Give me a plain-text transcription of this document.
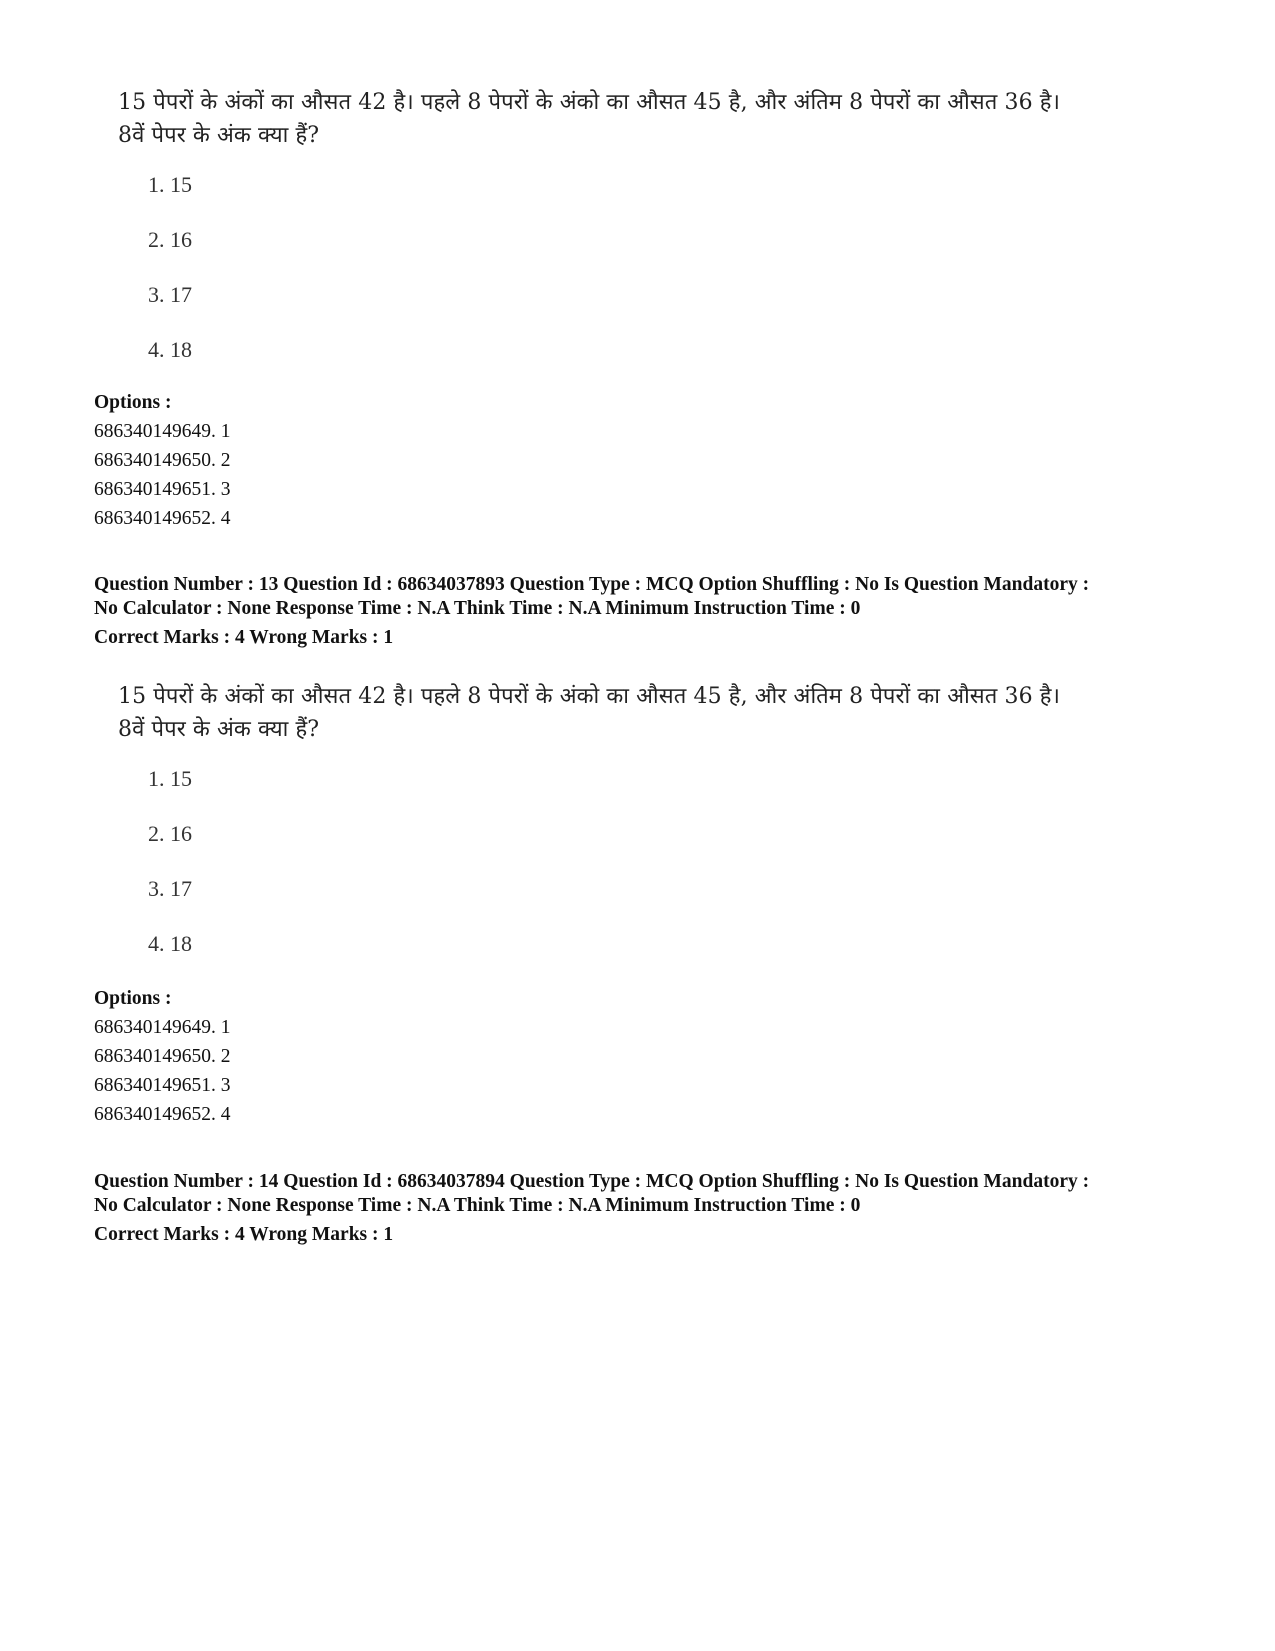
15 पेपरों के अंकों का औसत 42 है। पहले 8 पेपरों के अंको का औसत 45 है, और अंतिम 8 पेपरों का औसत 36 है।

8वें पेपर के अंक क्या हैं?

1. 15
2. 16
3. 17
4. 18
Options :
686340149649. 1
686340149650. 2
686340149651. 3
686340149652. 4
Question Number : 13 Question Id : 68634037893 Question Type : MCQ Option Shuffling : No Is Question Mandatory :
No Calculator : None Response Time : N.A Think Time : N.A Minimum Instruction Time : 0
Correct Marks : 4 Wrong Marks : 1

15 पेपरों के अंकों का औसत 42 है। पहले 8 पेपरों के अंको का औसत 45 है, और अंतिम 8 पेपरों का औसत 36 है।

8वें पेपर के अंक क्या हैं?

1. 15
2. 16
3. 17
4. 18
Options :
686340149649. 1
686340149650. 2
686340149651. 3
686340149652. 4
Question Number : 14 Question Id : 68634037894 Question Type : MCQ Option Shuffling : No Is Question Mandatory :
No Calculator : None Response Time : N.A Think Time : N.A Minimum Instruction Time : 0
Correct Marks : 4 Wrong Marks : 1
